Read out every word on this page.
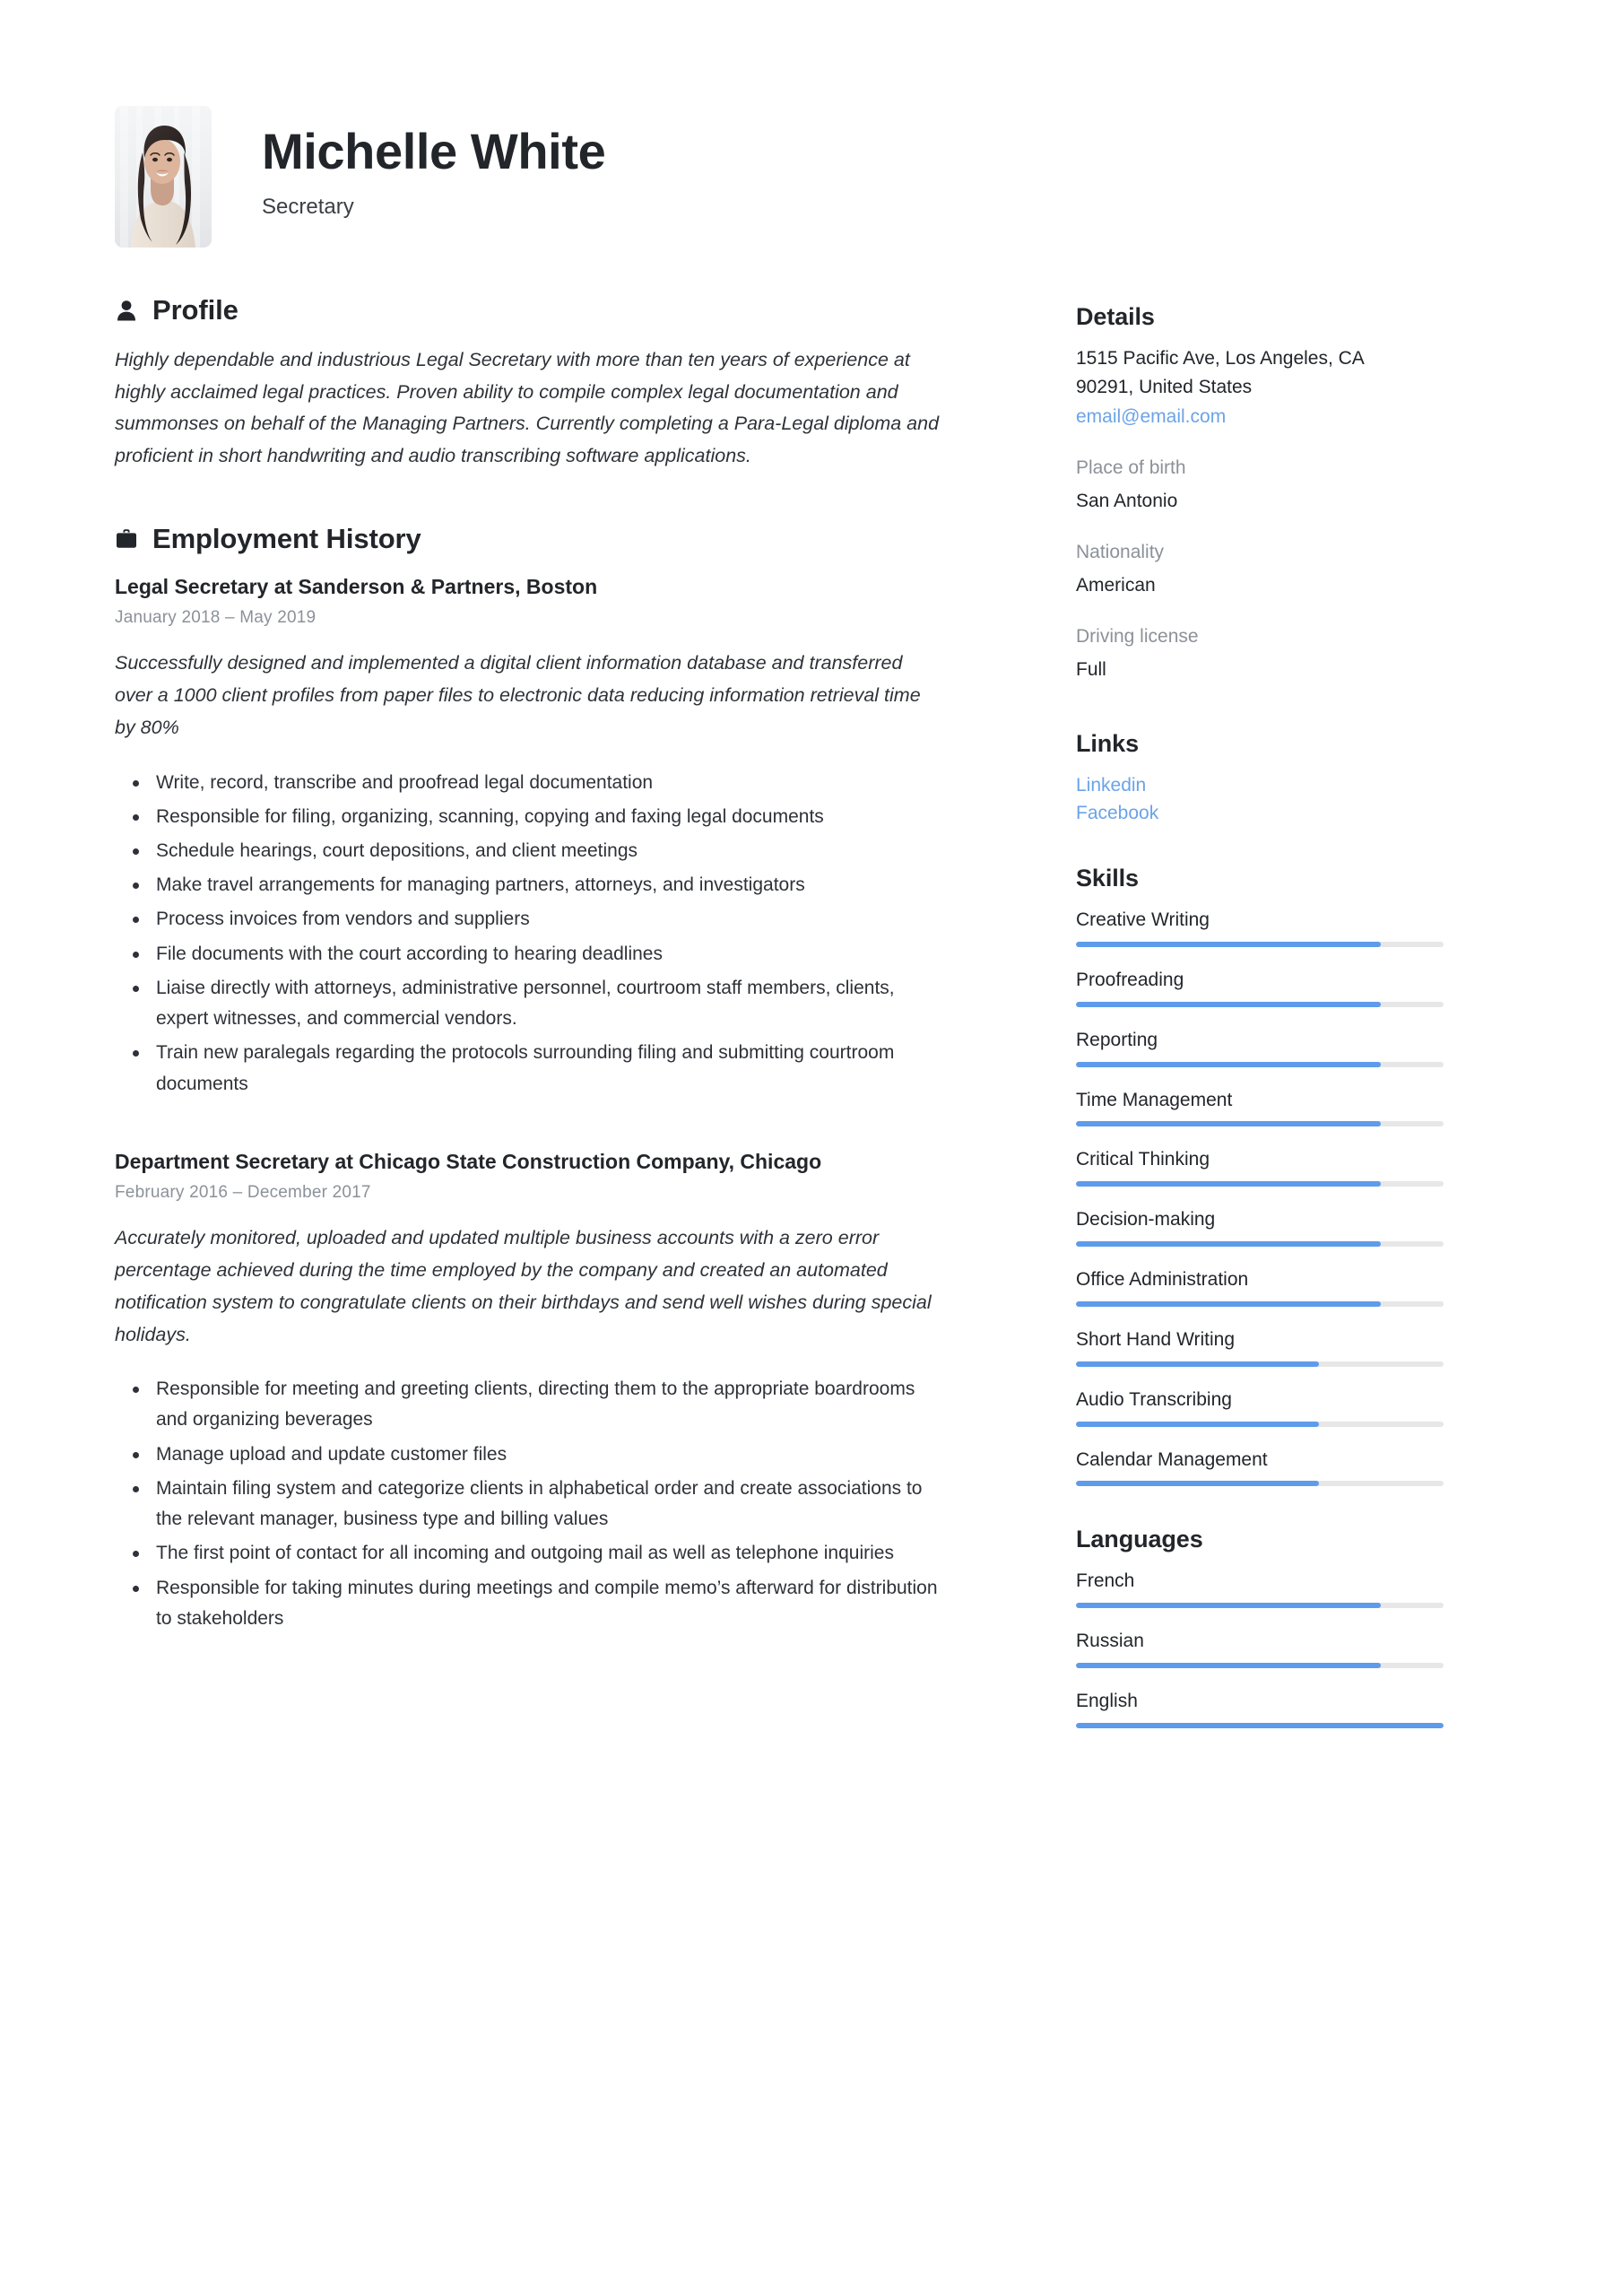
Michelle White
Secretary
Profile

Highly dependable and industrious Legal Secretary with more than ten years of experience at highly acclaimed legal practices. Proven ability to compile complex legal documentation and summonses on behalf of the Managing Partners. Currently completing a Para-Legal diploma and proficient in short handwriting and audio transcribing software applications.

Employment History
Legal Secretary at Sanderson & Partners, Boston
January 2018 – May 2019

Successfully designed and implemented a digital client information database and transferred over a 1000 client profiles from paper files to electronic data reducing information retrieval time by 80%

Write, record, transcribe and proofread legal documentation
Responsible for filing, organizing, scanning, copying and faxing legal documents
Schedule hearings, court depositions, and client meetings
Make travel arrangements for managing partners, attorneys, and investigators
Process invoices from vendors and suppliers
File documents with the court according to hearing deadlines
Liaise directly with attorneys, administrative personnel, courtroom staff members, clients, expert witnesses, and commercial vendors.
Train new paralegals regarding the protocols surrounding filing and submitting courtroom documents
Department Secretary at Chicago State Construction Company, Chicago
February 2016 – December 2017

Accurately monitored, uploaded and updated multiple business accounts with a zero error percentage achieved during the time employed by the company and created an automated notification system to congratulate clients on their birthdays and send well wishes during special holidays.

Responsible for meeting and greeting clients, directing them to the appropriate boardrooms and organizing beverages
Manage upload and update customer files
Maintain filing system and categorize clients in alphabetical order and create associations to the relevant manager, business type and billing values
The first point of contact for all incoming and outgoing mail as well as telephone inquiries
Responsible for taking minutes during meetings and compile memo’s afterward for distribution to stakeholders
Details
1515 Pacific Ave, Los Angeles, CA
90291, United States
email@email.com
Place of birth
San Antonio
Nationality
American
Driving license
Full
Links
Linkedin
Facebook
Skills
Creative Writing
Proofreading
Reporting
Time Management
Critical Thinking
Decision-making
Office Administration
Short Hand Writing
Audio Transcribing
Calendar Management
Languages
French
Russian
English
